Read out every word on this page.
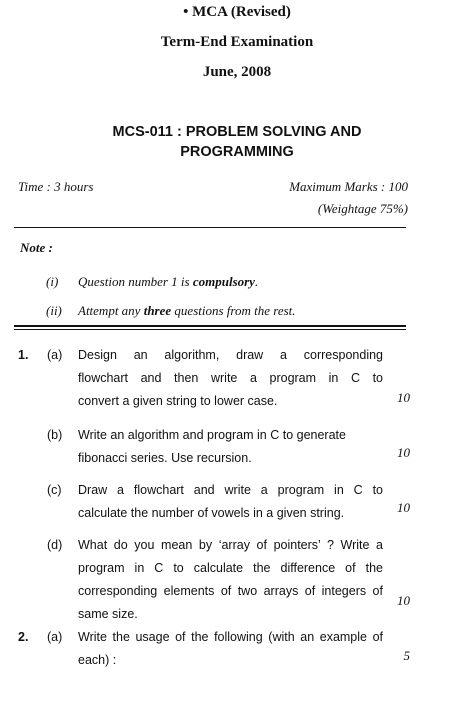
• MCA (Revised)
Term-End Examination
June, 2008
MCS-011 : PROBLEM SOLVING AND
PROGRAMMING
Time : 3 hours	Maximum Marks : 100
(Weightage 75%)
Note :
(i) Question number 1 is compulsory.
(ii) Attempt any three questions from the rest.
1. (a) Design an algorithm, draw a corresponding
flowchart and then write a program in C to
convert a given string to lower case.	10
(b) Write an algorithm and program in C to generate
fibonacci series. Use recursion.	10
(c) Draw a flowchart and write a program in C to
calculate the number of vowels in a given string.	10
(d) What do you mean by ‘array of pointers’ ? Write a
program in C to calculate the difference of the
corresponding elements of two arrays of integers of
same size.
10
2. (a) Write the usage of the following (with an example of
each) :	5
